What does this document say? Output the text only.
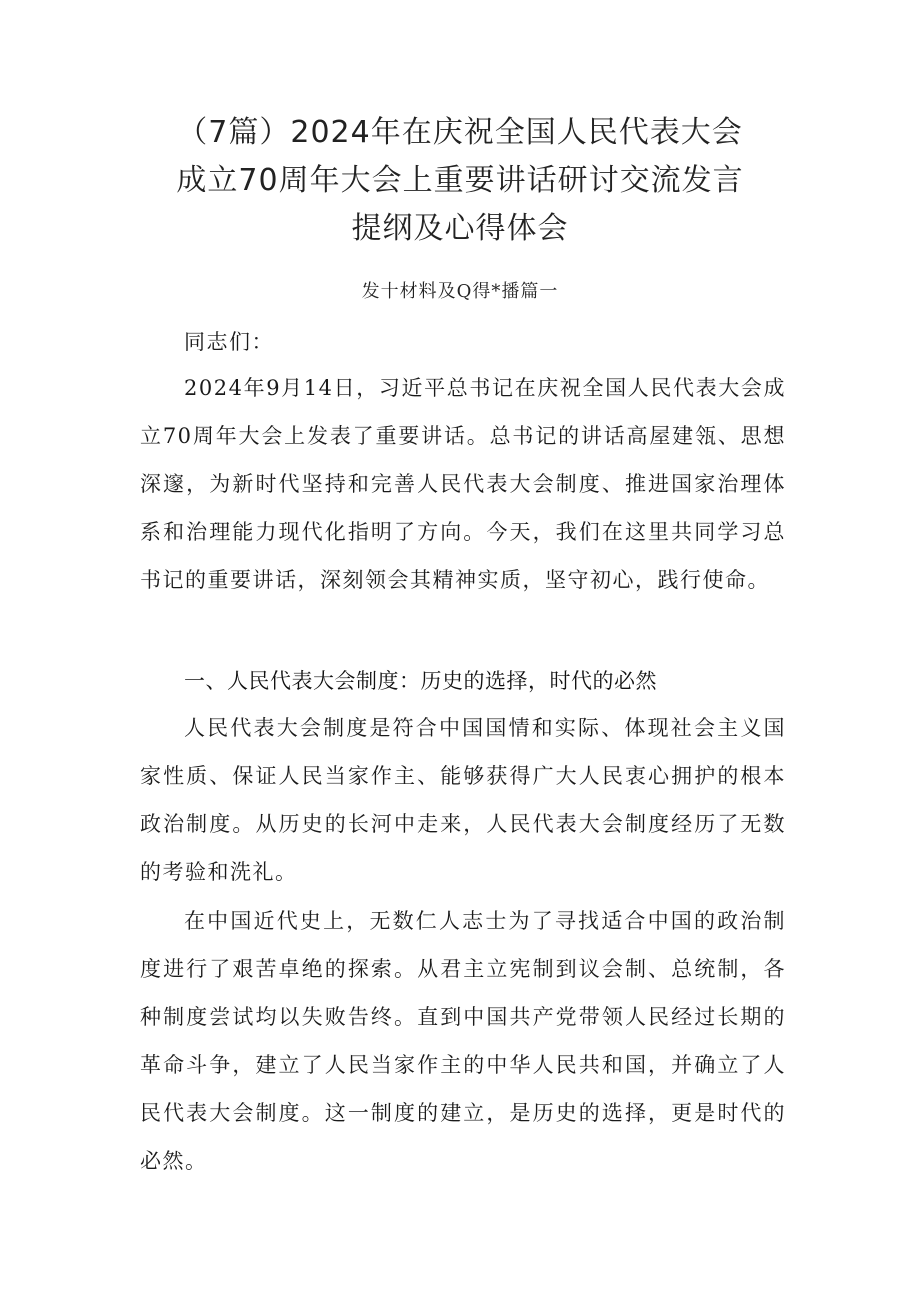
（7篇）2024年在庆祝全国人民代表大会
成立70周年大会上重要讲话研讨交流发言
提纲及心得体会
发十材料及Q得*播篇一
同志们：

2024年9月14日，习近平总书记在庆祝全国人民代表大会成立70周年大会上发表了重要讲话。总书记的讲话高屋建瓴、思想深邃，为新时代坚持和完善人民代表大会制度、推进国家治理体系和治理能力现代化指明了方向。今天，我们在这里共同学习总书记的重要讲话，深刻领会其精神实质，坚守初心，践行使命。

一、人民代表大会制度：历史的选择，时代的必然

人民代表大会制度是符合中国国情和实际、体现社会主义国家性质、保证人民当家作主、能够获得广大人民衷心拥护的根本政治制度。从历史的长河中走来，人民代表大会制度经历了无数的考验和洗礼。

在中国近代史上，无数仁人志士为了寻找适合中国的政治制度进行了艰苦卓绝的探索。从君主立宪制到议会制、总统制，各种制度尝试均以失败告终。直到中国共产党带领人民经过长期的革命斗争，建立了人民当家作主的中华人民共和国，并确立了人民代表大会制度。这一制度的建立，是历史的选择，更是时代的必然。
